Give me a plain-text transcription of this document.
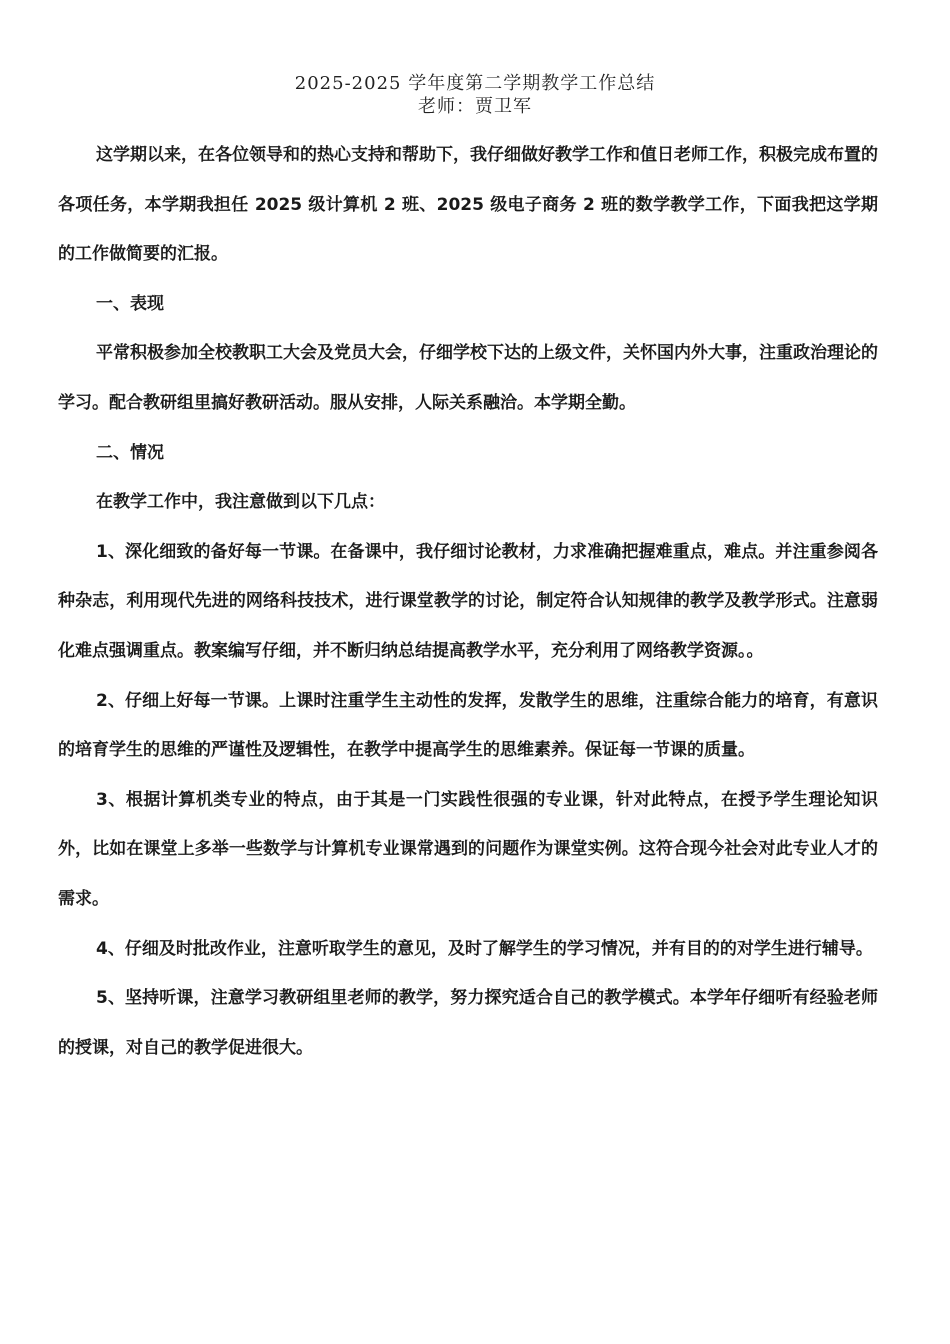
2025-2025 学年度第二学期教学工作总结
老师：贾卫军

这学期以来，在各位领导和的热心支持和帮助下，我仔细做好教学工作和值日老师工作，积极完成布置的各项任务，本学期我担任 2025 级计算机 2 班、2025 级电子商务 2 班的数学教学工作，下面我把这学期的工作做简要的汇报。

一、表现

平常积极参加全校教职工大会及党员大会，仔细学校下达的上级文件，关怀国内外大事，注重政治理论的学习。配合教研组里搞好教研活动。服从安排，人际关系融洽。本学期全勤。

二、情况

在教学工作中，我注意做到以下几点：

1、深化细致的备好每一节课。在备课中，我仔细讨论教材，力求准确把握难重点，难点。并注重参阅各种杂志，利用现代先进的网络科技技术，进行课堂教学的讨论，制定符合认知规律的教学及教学形式。注意弱化难点强调重点。教案编写仔细，并不断归纳总结提高教学水平，充分利用了网络教学资源。。

2、仔细上好每一节课。上课时注重学生主动性的发挥，发散学生的思维，注重综合能力的培育，有意识的培育学生的思维的严谨性及逻辑性，在教学中提高学生的思维素养。保证每一节课的质量。

3、根据计算机类专业的特点，由于其是一门实践性很强的专业课，针对此特点，在授予学生理论知识外，比如在课堂上多举一些数学与计算机专业课常遇到的问题作为课堂实例。这符合现今社会对此专业人才的需求。

4、仔细及时批改作业，注意听取学生的意见，及时了解学生的学习情况，并有目的的对学生进行辅导。

5、坚持听课，注意学习教研组里老师的教学，努力探究适合自己的教学模式。本学年仔细听有经验老师的授课，对自己的教学促进很大。
